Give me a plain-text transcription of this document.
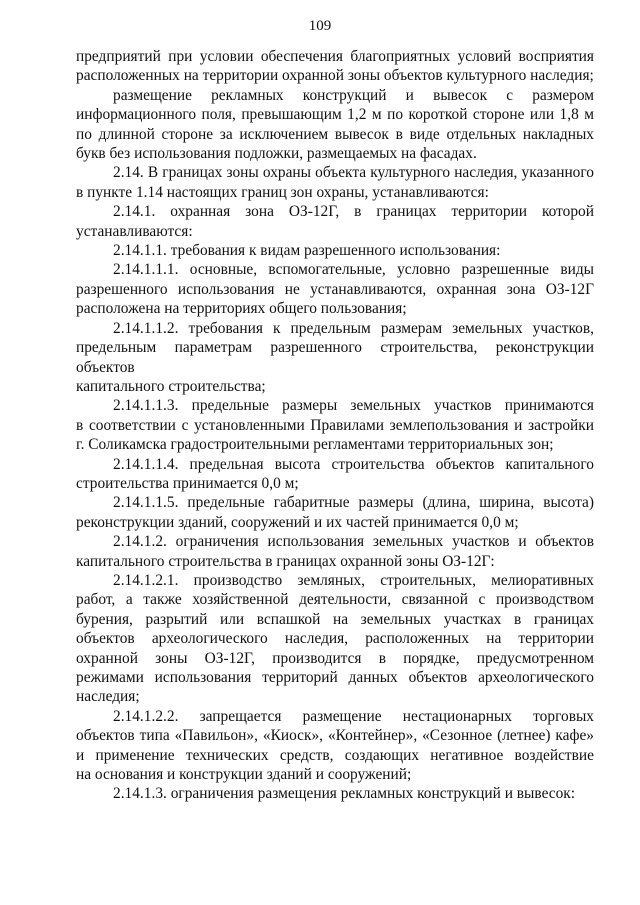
109
предприятий при условии обеспечения благоприятных условий восприятия
расположенных на территории охранной зоны объектов культурного наследия;
размещение рекламных конструкций и вывесок с размером
информационного поля, превышающим 1,2 м по короткой стороне или 1,8 м
по длинной стороне за исключением вывесок в виде отдельных накладных
букв без использования подложки, размещаемых на фасадах.
2.14. В границах зоны охраны объекта культурного наследия, указанного
в пункте 1.14 настоящих границ зон охраны, устанавливаются:
2.14.1. охранная зона ОЗ-12Г, в границах территории которой
устанавливаются:
2.14.1.1. требования к видам разрешенного использования:
2.14.1.1.1. основные, вспомогательные, условно разрешенные виды
разрешенного использования не устанавливаются, охранная зона ОЗ-12Г
расположена на территориях общего пользования;
2.14.1.1.2. требования к предельным размерам земельных участков,
предельным параметрам разрешенного строительства, реконструкции объектов
капитального строительства;
2.14.1.1.3. предельные размеры земельных участков принимаются
в соответствии с установленными Правилами землепользования и застройки
г. Соликамска градостроительными регламентами территориальных зон;
2.14.1.1.4. предельная высота строительства объектов капитального
строительства принимается 0,0 м;
2.14.1.1.5. предельные габаритные размеры (длина, ширина, высота)
реконструкции зданий, сооружений и их частей принимается 0,0 м;
2.14.1.2. ограничения использования земельных участков и объектов
капитального строительства в границах охранной зоны ОЗ-12Г:
2.14.1.2.1. производство земляных, строительных, мелиоративных
работ, а также хозяйственной деятельности, связанной с производством
бурения, разрытий или вспашкой на земельных участках в границах
объектов археологического наследия, расположенных на территории
охранной зоны ОЗ-12Г, производится в порядке, предусмотренном
режимами использования территорий данных объектов археологического
наследия;
2.14.1.2.2. запрещается размещение нестационарных торговых
объектов типа «Павильон», «Киоск», «Контейнер», «Сезонное (летнее) кафе»
и применение технических средств, создающих негативное воздействие
на основания и конструкции зданий и сооружений;
2.14.1.3. ограничения размещения рекламных конструкций и вывесок:
